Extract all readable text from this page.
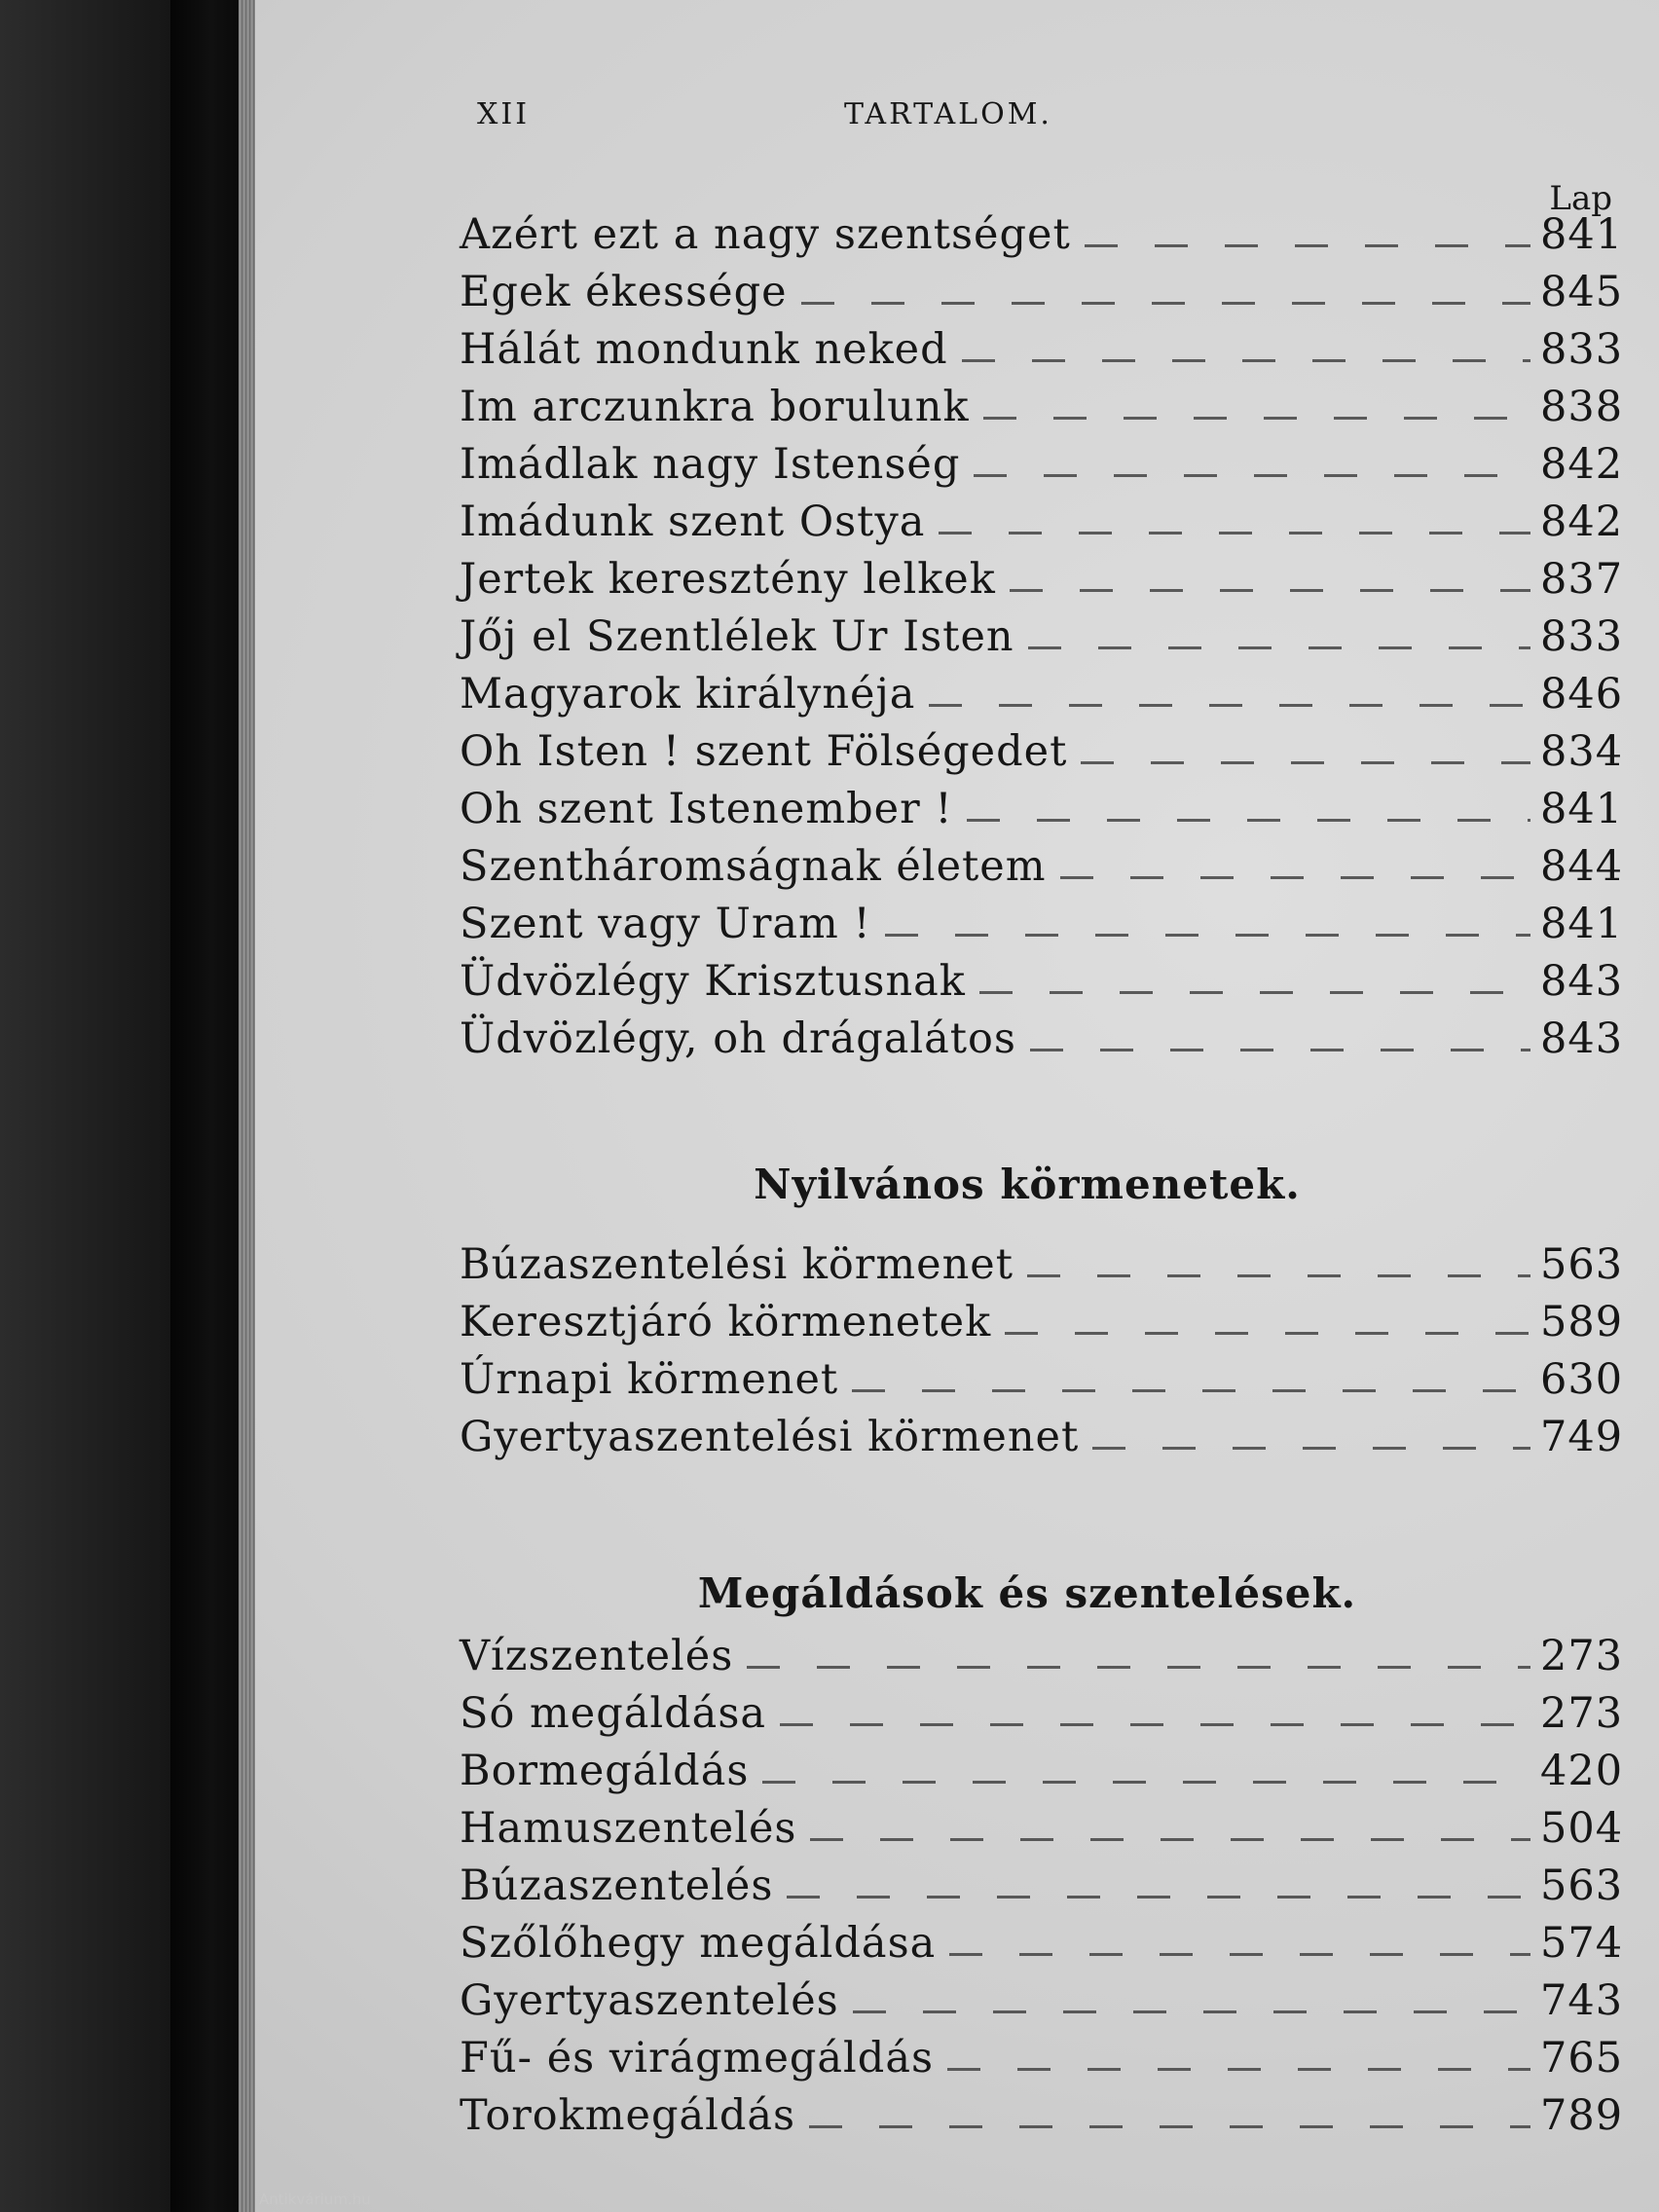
XII	TARTALOM.
Lap
Azért ezt a nagy szentséget	841
Egek ékessége	845
Hálát mondunk neked	833
Im arczunkra borulunk	838
Imádlak nagy Istenség	842
Imádunk szent Ostya	842
Jertek keresztény lelkek	837
Jőj el Szentlélek Ur Isten	833
Magyarok királynéja	846
Oh Isten ! szent Fölségedet	834
Oh szent Istenember !	841
Szentháromságnak életem	844
Szent vagy Uram !	841
Üdvözlégy Krisztusnak	843
Üdvözlégy, oh drágalátos	843
Nyilvános körmenetek.
Búzaszentelési körmenet	563
Keresztjáró körmenetek	589
Úrnapi körmenet	630
Gyertyaszentelési körmenet	749
Megáldások és szentelések.
Vízszentelés	273
Só megáldása	273
Bormegáldás	420
Hamuszentelés	504
Búzaszentelés	563
Szőlőhegy megáldása	574
Gyertyaszentelés	743
Fű- és virágmegáldás	765
Torokmegáldás	789
Antikvárium.hu
